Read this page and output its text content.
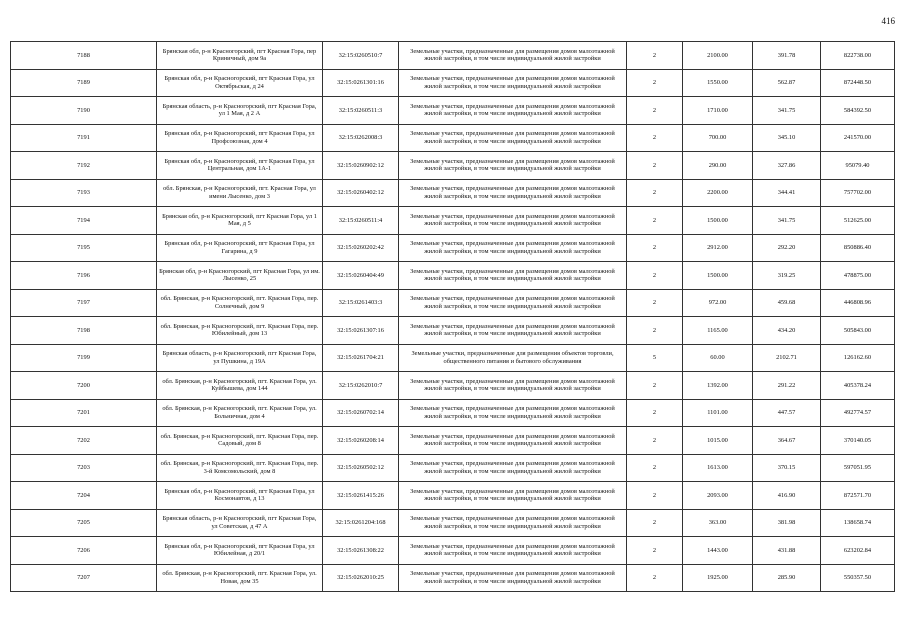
416
7188	Брянская обл, р-н Красногорский, пгт Красная Гора, пер Криничный, дом 9а	32:15:0260510:7	Земельные участки, предназначенные для размещения домов малоэтажной жилой застройки, в том числе индивидуальной жилой застройки	2	2100.00	391.78	822738.00
7189	Брянская обл, р-н Красногорский, пгт Красная Гора, ул Октябрьская, д 24	32:15:0261301:16	Земельные участки, предназначенные для размещения домов малоэтажной жилой застройки, в том числе индивидуальной жилой застройки	2	1550.00	562.87	872448.50
7190	Брянская область, р-н Красногорский, пгт Красная Гора, ул 1 Мая, д 2 А	32:15:0260511:3	Земельные участки, предназначенные для размещения домов малоэтажной жилой застройки, в том числе индивидуальной жилой застройки	2	1710.00	341.75	584392.50
7191	Брянская обл, р-н Красногорский, пгт Красная Гора, ул Профсоюзная, дом 4	32:15:0262008:3	Земельные участки, предназначенные для размещения домов малоэтажной жилой застройки, в том числе индивидуальной жилой застройки	2	700.00	345.10	241570.00
7192	Брянская обл, р-н Красногорский, пгт Красная Гора, ул Центральная, дом 1А-1	32:15:0260902:12	Земельные участки, предназначенные для размещения домов малоэтажной жилой застройки, в том числе индивидуальной жилой застройки	2	290.00	327.86	95079.40
7193	обл. Брянская, р-н Красногорский, пгт. Красная Гора, ул имени Лысенко, дом 3	32:15:0260402:12	Земельные участки, предназначенные для размещения домов малоэтажной жилой застройки, в том числе индивидуальной жилой застройки	2	2200.00	344.41	757702.00
7194	Брянская обл, р-н Красногорский, пгт Красная Гора, ул 1 Мая, д 5	32:15:0260511:4	Земельные участки, предназначенные для размещения домов малоэтажной жилой застройки, в том числе индивидуальной жилой застройки	2	1500.00	341.75	512625.00
7195	Брянская обл, р-н Красногорский, пгт Красная Гора, ул Гагарина, д 9	32:15:0260202:42	Земельные участки, предназначенные для размещения домов малоэтажной жилой застройки, в том числе индивидуальной жилой застройки	2	2912.00	292.20	850886.40
7196	Брянская обл, р-н Красногорский, пгт Красная Гора, ул им. Лысенко, 25	32:15:0260404:49	Земельные участки, предназначенные для размещения домов малоэтажной жилой застройки, в том числе индивидуальной жилой застройки	2	1500.00	319.25	478875.00
7197	обл. Брянская, р-н Красногорский, пгт. Красная Гора, пер. Солнечный, дом 9	32:15:0261403:3	Земельные участки, предназначенные для размещения домов малоэтажной жилой застройки, в том числе индивидуальной жилой застройки	2	972.00	459.68	446808.96
7198	обл. Брянская, р-н Красногорский, пгт. Красная Гора, пер. Юбилейный, дом 13	32:15:0261307:16	Земельные участки, предназначенные для размещения домов малоэтажной жилой застройки, в том числе индивидуальной жилой застройки	2	1165.00	434.20	505843.00
7199	Брянская область, р-н Красногорский, пгт Красная Гора, ул Пушкина, д 19А	32:15:0261704:21	Земельные участки, предназначенные для размещения объектов торговли, общественного питания и бытового обслуживания	5	60.00	2102.71	126162.60
7200	обл. Брянская, р-н Красногорский, пгт. Красная Гора, ул. Куйбышева, дом 144	32:15:0262010:7	Земельные участки, предназначенные для размещения домов малоэтажной жилой застройки, в том числе индивидуальной жилой застройки	2	1392.00	291.22	405378.24
7201	обл. Брянская, р-н Красногорский, пгт. Красная Гора, ул. Больничная, дом 4	32:15:0260702:14	Земельные участки, предназначенные для размещения домов малоэтажной жилой застройки, в том числе индивидуальной жилой застройки	2	1101.00	447.57	492774.57
7202	обл. Брянская, р-н Красногорский, пгт. Красная Гора, пер. Садовый, дом 8	32:15:0260208:14	Земельные участки, предназначенные для размещения домов малоэтажной жилой застройки, в том числе индивидуальной жилой застройки	2	1015.00	364.67	370140.05
7203	обл. Брянская, р-н Красногорский, пгт. Красная Гора, пер. 3-й Комсомольский, дом 8	32:15:0260502:12	Земельные участки, предназначенные для размещения домов малоэтажной жилой застройки, в том числе индивидуальной жилой застройки	2	1613.00	370.15	597051.95
7204	Брянская обл, р-н Красногорский, пгт Красная Гора, ул Космонавтов, д 13	32:15:0261415:26	Земельные участки, предназначенные для размещения домов малоэтажной жилой застройки, в том числе индивидуальной жилой застройки	2	2093.00	416.90	872571.70
7205	Брянская область, р-н Красногорский, пгт Красная Гора, ул Советская, д 47 А	32:15:0261204:168	Земельные участки, предназначенные для размещения домов малоэтажной жилой застройки, в том числе индивидуальной жилой застройки	2	363.00	381.98	138658.74
7206	Брянская обл, р-н Красногорский, пгт Красная Гора, ул Юбилейная, д 20/1	32:15:0261308:22	Земельные участки, предназначенные для размещения домов малоэтажной жилой застройки, в том числе индивидуальной жилой застройки	2	1443.00	431.88	623202.84
7207	обл. Брянская, р-н Красногорский, пгт. Красная Гора, ул. Новая, дом 35	32:15:0262010:25	Земельные участки, предназначенные для размещения домов малоэтажной жилой застройки, в том числе индивидуальной жилой застройки	2	1925.00	285.90	550357.50
